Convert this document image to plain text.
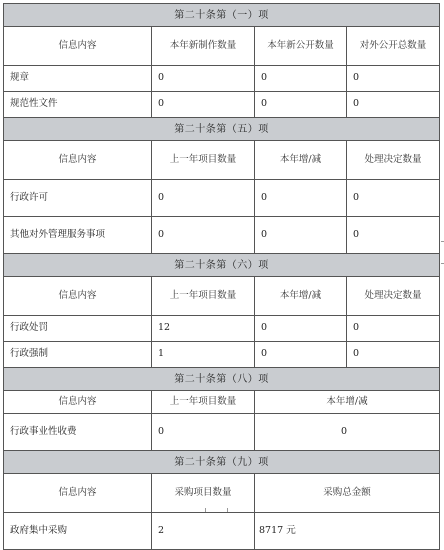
第二十条第（一）项			
信息内容	本年新制作数量	本年新公开数量	对外公开总数量
规章	0	0	0
规范性文件	0	0	0
第二十条第（五）项			
信息内容	上一年项目数量	本年增/减	处理决定数量
行政许可	0	0	0
其他对外管理服务事项	0	0	0
第二十条第（六）项			
信息内容	上一年项目数量	本年增/减	处理决定数量
行政处罚	12	0	0
行政强制	1	0	0
第二十条第（八）项			
信息内容	上一年项目数量	本年增/减	
行政事业性收费	0	0	
第二十条第（九）项			
信息内容	采购项目数量	采购总金额	
政府集中采购	2	8717 元	
